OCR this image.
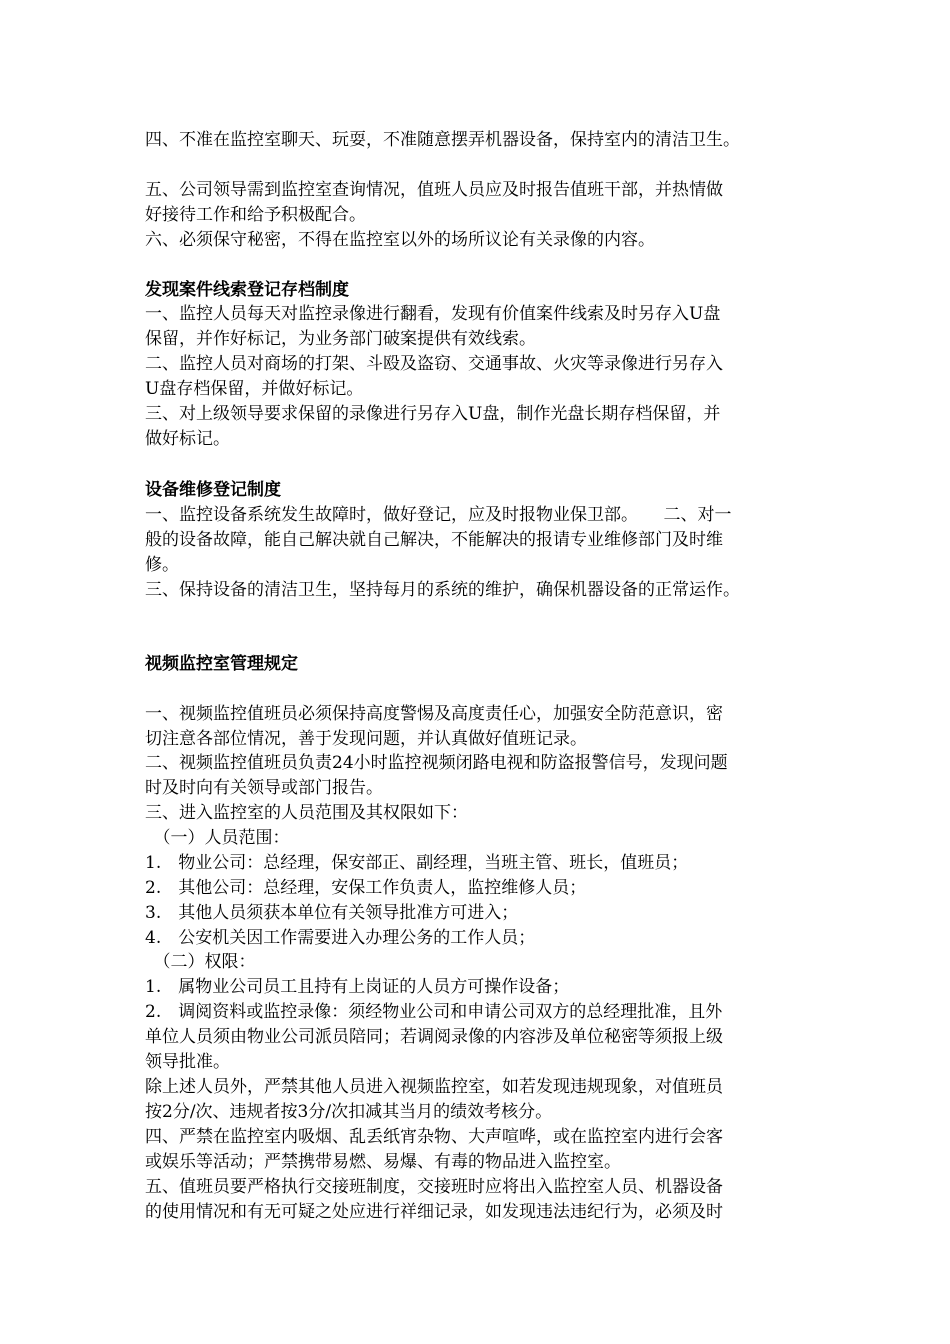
四、不准在监控室聊天、玩耍，不准随意摆弄机器设备，保持室内的清洁卫生。
五、公司领导需到监控室查询情况，值班人员应及时报告值班干部，并热情做
好接待工作和给予积极配合。
六、必须保守秘密，不得在监控室以外的场所议论有关录像的内容。
发现案件线索登记存档制度
一、监控人员每天对监控录像进行翻看，发现有价值案件线索及时另存入U盘
保留，并作好标记，为业务部门破案提供有效线索。
二、监控人员对商场的打架、斗殴及盗窃、交通事故、火灾等录像进行另存入
U盘存档保留，并做好标记。
三、对上级领导要求保留的录像进行另存入U盘，制作光盘长期存档保留，并
做好标记。
设备维修登记制度
一、监控设备系统发生故障时，做好登记，应及时报物业保卫部。　　二、对一
般的设备故障，能自己解决就自己解决，不能解决的报请专业维修部门及时维
修。
三、保持设备的清洁卫生，坚持每月的系统的维护，确保机器设备的正常运作。
视频监控室管理规定
一、视频监控值班员必须保持高度警惕及高度责任心，加强安全防范意识，密
切注意各部位情况，善于发现问题，并认真做好值班记录。
二、视频监控值班员负责24小时监控视频闭路电视和防盗报警信号，发现问题
时及时向有关领导或部门报告。
三、进入监控室的人员范围及其权限如下：
　（一）人员范围：
1.　物业公司：总经理，保安部正、副经理，当班主管、班长，值班员；
2.　其他公司：总经理，安保工作负责人，监控维修人员；
3.　其他人员须获本单位有关领导批准方可进入；
4.　公安机关因工作需要进入办理公务的工作人员；
　（二）权限：
1.　属物业公司员工且持有上岗证的人员方可操作设备；
2.　调阅资料或监控录像：须经物业公司和申请公司双方的总经理批准，且外
单位人员须由物业公司派员陪同；若调阅录像的内容涉及单位秘密等须报上级
领导批准。
除上述人员外，严禁其他人员进入视频监控室，如若发现违规现象，对值班员
按2分/次、违规者按3分/次扣减其当月的绩效考核分。
四、严禁在监控室内吸烟、乱丢纸宵杂物、大声喧哗，或在监控室内进行会客
或娱乐等活动；严禁携带易燃、易爆、有毒的物品进入监控室。
五、值班员要严格执行交接班制度，交接班时应将出入监控室人员、机器设备
的使用情况和有无可疑之处应进行祥细记录，如发现违法违纪行为，必须及时
